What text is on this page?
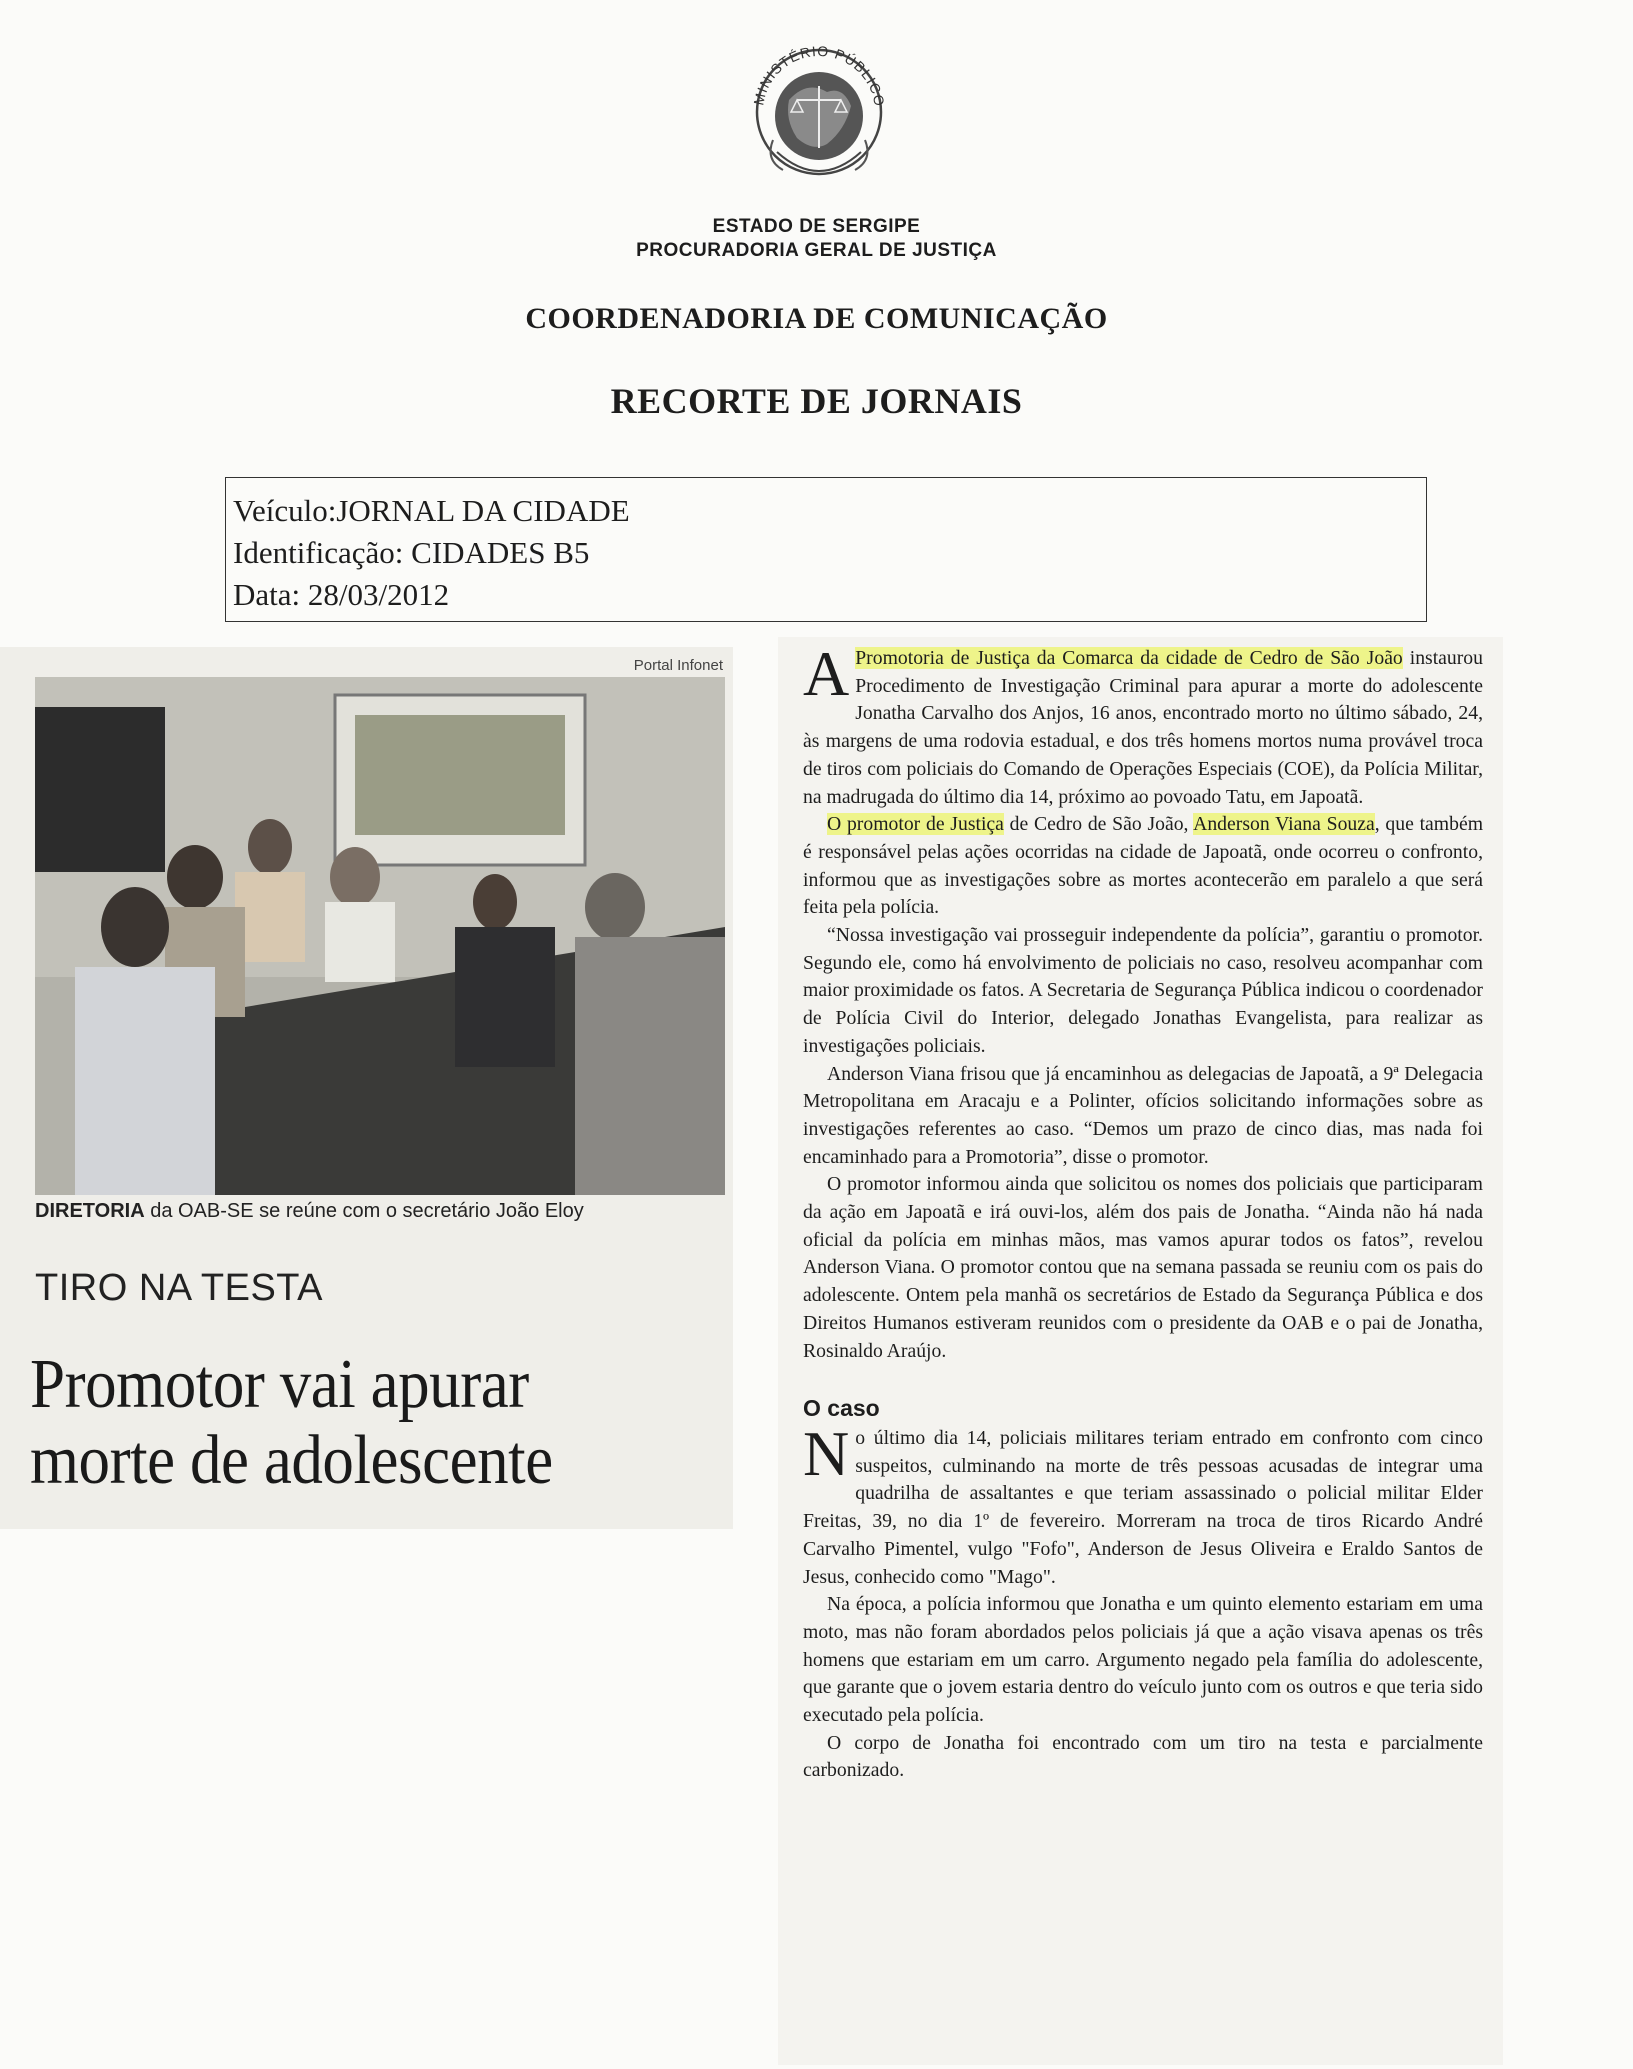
MINISTÉRIO PÚBLICO
ESTADO DE SERGIPE
PROCURADORIA GERAL DE JUSTIÇA
COORDENADORIA DE COMUNICAÇÃO
RECORTE DE JORNAIS
Veículo:JORNAL DA CIDADE
Identificação: CIDADES B5
Data: 28/03/2012
Portal Infonet
DIRETORIA da OAB-SE se reúne com o secretário João Eloy
TIRO NA TESTA
Promotor vai apurar
morte de adolescente

A Promotoria de Justiça da Comarca da cidade de Cedro de São João instaurou Procedimento de Investigação Criminal para apurar a morte do adolescente Jonatha Carvalho dos Anjos, 16 anos, encontrado morto no último sábado, 24, às margens de uma rodovia estadual, e dos três homens mortos numa provável troca de tiros com policiais do Comando de Operações Especiais (COE), da Polícia Militar, na madrugada do último dia 14, próximo ao povoado Tatu, em Japoatã.

O promotor de Justiça de Cedro de São João, Anderson Viana Souza, que também é responsável pelas ações ocorridas na cidade de Japoatã, onde ocorreu o confronto, informou que as investigações sobre as mortes acontecerão em paralelo a que será feita pela polícia.

“Nossa investigação vai prosseguir independente da polícia”, garantiu o promotor. Segundo ele, como há envolvimento de policiais no caso, resolveu acompanhar com maior proximidade os fatos. A Secretaria de Segurança Pública indicou o coordenador de Polícia Civil do Interior, delegado Jonathas Evangelista, para realizar as investigações policiais.

Anderson Viana frisou que já encaminhou as delegacias de Japoatã, a 9ª Delegacia Metropolitana em Aracaju e a Polinter, ofícios solicitando informações sobre as investigações referentes ao caso. “Demos um prazo de cinco dias, mas nada foi encaminhado para a Promotoria”, disse o promotor.

O promotor informou ainda que solicitou os nomes dos policiais que participaram da ação em Japoatã e irá ouvi-los, além dos pais de Jonatha. “Ainda não há nada oficial da polícia em minhas mãos, mas vamos apurar todos os fatos”, revelou Anderson Viana. O promotor contou que na semana passada se reuniu com os pais do adolescente. Ontem pela manhã os secretários de Estado da Segurança Pública e dos Direitos Humanos estiveram reunidos com o presidente da OAB e o pai de Jonatha, Rosinaldo Araújo.

O caso

No último dia 14, policiais militares teriam entrado em confronto com cinco suspeitos, culminando na morte de três pessoas acusadas de integrar uma quadrilha de assaltantes e que teriam assassinado o policial militar Elder Freitas, 39, no dia 1º de fevereiro. Morreram na troca de tiros Ricardo André Carvalho Pimentel, vulgo "Fofo", Anderson de Jesus Oliveira e Eraldo Santos de Jesus, conhecido como "Mago".

Na época, a polícia informou que Jonatha e um quinto elemento estariam em uma moto, mas não foram abordados pelos policiais já que a ação visava apenas os três homens que estariam em um carro. Argumento negado pela família do adolescente, que garante que o jovem estaria dentro do veículo junto com os outros e que teria sido executado pela polícia.

O corpo de Jonatha foi encontrado com um tiro na testa e parcialmente carbonizado.
